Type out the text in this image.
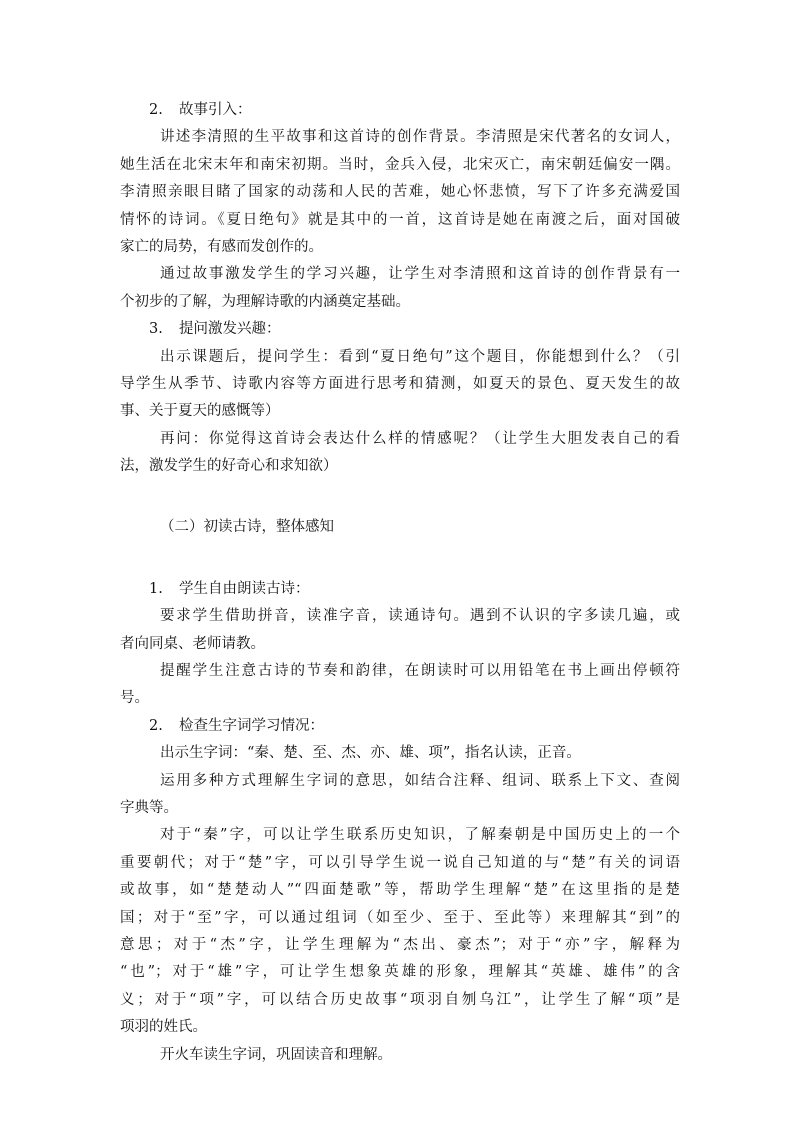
2. 故事引入：
讲述李清照的生平故事和这首诗的创作背景。李清照是宋代著名的女词人，
她生活在北宋末年和南宋初期。当时，金兵入侵，北宋灭亡，南宋朝廷偏安一隅。
李清照亲眼目睹了国家的动荡和人民的苦难，她心怀悲愤，写下了许多充满爱国
情怀的诗词。《夏日绝句》就是其中的一首，这首诗是她在南渡之后，面对国破
家亡的局势，有感而发创作的。
通过故事激发学生的学习兴趣，让学生对李清照和这首诗的创作背景有一
个初步的了解，为理解诗歌的内涵奠定基础。
3. 提问激发兴趣：
出示课题后，提问学生：看到“夏日绝句”这个题目，你能想到什么？（引
导学生从季节、诗歌内容等方面进行思考和猜测，如夏天的景色、夏天发生的故
事、关于夏天的感慨等）
再问：你觉得这首诗会表达什么样的情感呢？（让学生大胆发表自己的看
法，激发学生的好奇心和求知欲）
（二）初读古诗，整体感知
1. 学生自由朗读古诗：
要求学生借助拼音，读准字音，读通诗句。遇到不认识的字多读几遍，或
者向同桌、老师请教。
提醒学生注意古诗的节奏和韵律，在朗读时可以用铅笔在书上画出停顿符
号。
2. 检查生字词学习情况：
出示生字词：“秦、楚、至、杰、亦、雄、项”，指名认读，正音。
运用多种方式理解生字词的意思，如结合注释、组词、联系上下文、查阅
字典等。
对于“秦”字，可以让学生联系历史知识，了解秦朝是中国历史上的一个
重要朝代；对于“楚”字，可以引导学生说一说自己知道的与“楚”有关的词语
或故事，如“楚楚动人”“四面楚歌”等，帮助学生理解“楚”在这里指的是楚
国；对于“至”字，可以通过组词（如至少、至于、至此等）来理解其“到”的
意思；对于“杰”字，让学生理解为“杰出、豪杰”；对于“亦”字，解释为
“也”；对于“雄”字，可让学生想象英雄的形象，理解其“英雄、雄伟”的含
义；对于“项”字，可以结合历史故事“项羽自刎乌江”，让学生了解“项”是
项羽的姓氏。
开火车读生字词，巩固读音和理解。
